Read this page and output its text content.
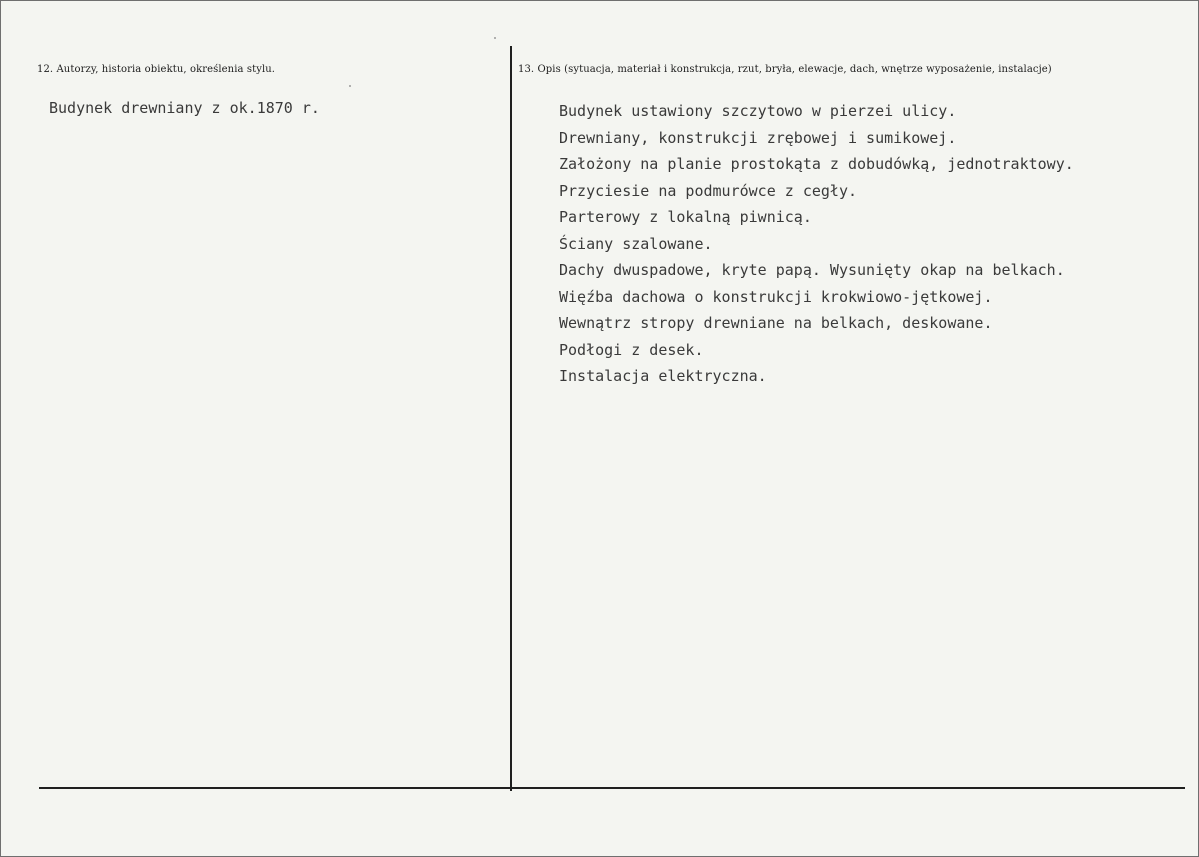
12. Autorzy, historia obiektu, określenia stylu.
Budynek drewniany z ok.1870 r.
13. Opis (sytuacja, materiał i konstrukcja, rzut, bryła, elewacje, dach, wnętrze wyposażenie, instalacje)
Budynek ustawiony szczytowo w pierzei ulicy.
Drewniany, konstrukcji zrębowej i sumikowej.
Założony na planie prostokąta z dobudówką, jednotraktowy.
Przyciesie na podmurówce z cegły.
Parterowy z lokalną piwnicą.
Ściany szalowane.
Dachy dwuspadowe, kryte papą. Wysunięty okap na belkach.
Więźba dachowa o konstrukcji krokwiowo-jętkowej.
Wewnątrz stropy drewniane na belkach, deskowane.
Podłogi z desek.
Instalacja elektryczna.
